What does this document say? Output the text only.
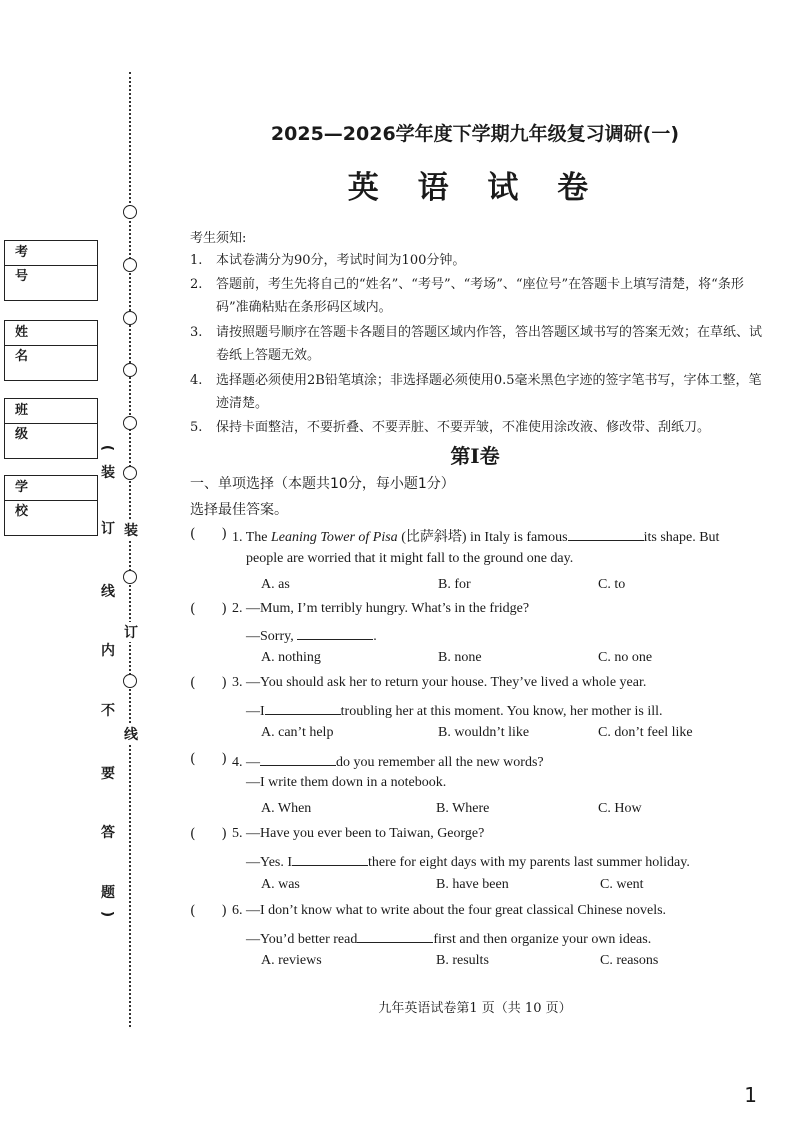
考 号
姓 名
班 级
学 校
(
装
订
线
内
不
要
答
题
)
装
订
线
2025—2026学年度下学期九年级复习调研(一)
英 语 试 卷
考生须知:
1.	本试卷满分为90分，考试时间为100分钟。
2.	答题前，考生先将自己的“姓名”、“考号”、“考场”、“座位号”在答题卡上填写清楚，将“条形码”准确粘贴在条形码区域内。
3.	请按照题号顺序在答题卡各题目的答题区域内作答，答出答题区域书写的答案无效；在草纸、试卷纸上答题无效。
4.	选择题必须使用2B铅笔填涂；非选择题必须使用0.5毫米黑色字迹的签字笔书写，字体工整，笔迹清楚。
5.	保持卡面整洁，不要折叠、不要弄脏、不要弄皱，不准使用涂改液、修改带、刮纸刀。
第I卷
一、单项选择（本题共10分，每小题1分）
选择最佳答案。
( ) 1. The Leaning Tower of Pisa (比萨斜塔) in Italy is famous	its shape. But
people are worried that it might fall to the ground one day.
A. as	B. for	C. to
( ) 2. —Mum, I’m terribly hungry. What’s in the fridge?
—Sorry,	.
A. nothing	B. none	C. no one
( ) 3. —You should ask her to return your house. They’ve lived a whole year.
—I	troubling her at this moment. You know, her mother is ill.
A. can’t help	B. wouldn’t like	C. don’t feel like
( ) 4. —	do you remember all the new words?
—I write them down in a notebook.
A. When	B. Where	C. How
( ) 5. —Have you ever been to Taiwan, George?
—Yes. I	there for eight days with my parents last summer holiday.
A. was	B. have been	C. went
( ) 6. —I don’t know what to write about the four great classical Chinese novels.
—You’d better read	first and then organize your own ideas.
A. reviews	B. results	C. reasons
九年英语试卷第1 页（共 10 页）
1
